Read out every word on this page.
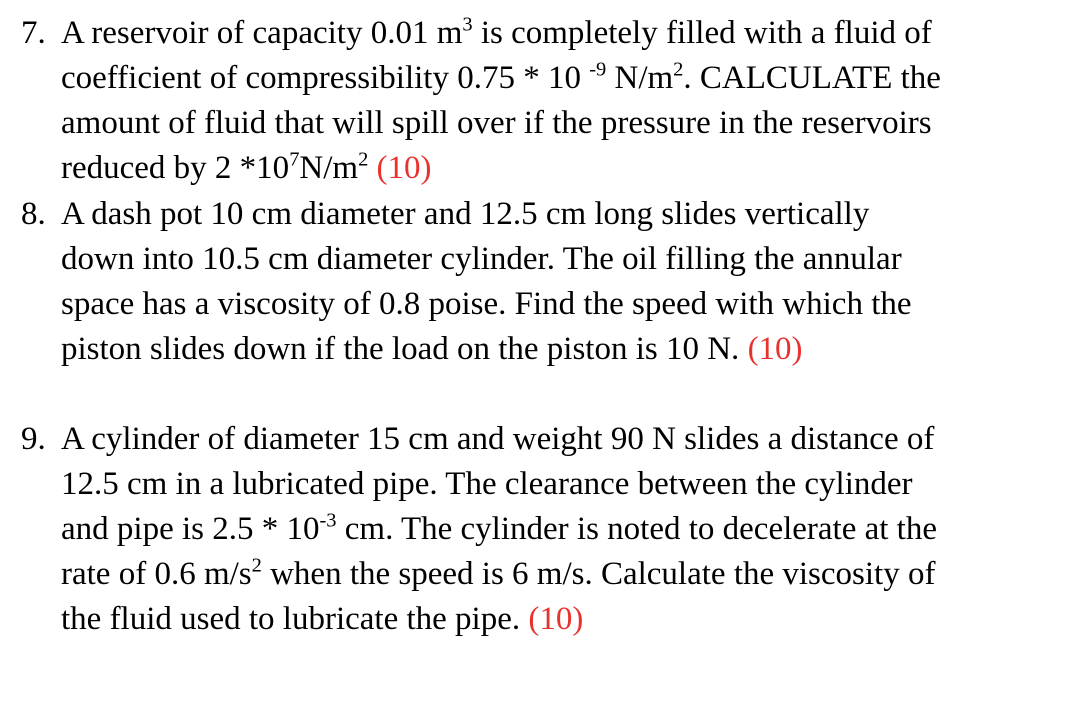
7. A reservoir of capacity 0.01 $m^3$ is completely filled with a fluid of
coefficient of compressibility 0.75 * 10 $^{-9}$ $N/m^2$. CALCULATE the
amount of fluid that will spill over if the pressure in the reservoirs
reduced by 2 $*10^7N/m^2$ (10)
8. A dash pot 10 cm diameter and 12.5 cm long slides vertically
down into 10.5 cm diameter cylinder. The oil filling the annular
space has a viscosity of 0.8 poise. Find the speed with which the
piston slides down if the load on the piston is 10 N. (10)
9. A cylinder of diameter 15 cm and weight 90 N slides a distance of
12.5 cm in a lubricated pipe. The clearance between the cylinder
and pipe is $2.5 * 10^{-3}$ cm. The cylinder is noted to decelerate at the
rate of 0.6 $m/s^2$ when the speed is 6 m/s. Calculate the viscosity of
the fluid used to lubricate the pipe. (10)
